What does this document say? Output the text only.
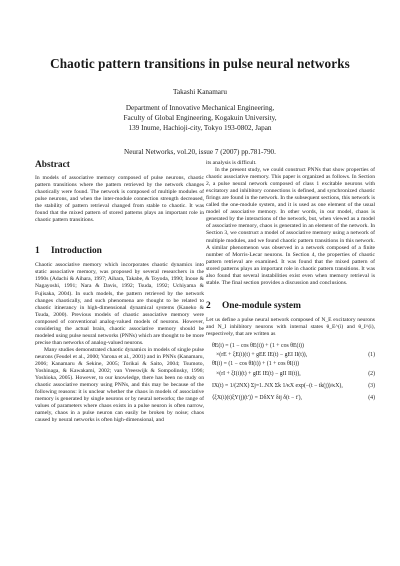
Chaotic pattern transitions in pulse neural networks
Takashi Kanamaru
Department of Innovative Mechanical Engineering,
Faculty of Global Engineering, Kogakuin University,
139 Inume, Hachioji-city, Tokyo 193-0802, Japan
Neural Networks, vol.20, issue 7 (2007) pp.781-790.
Abstract

In models of associative memory composed of pulse neurons, chaotic pattern transitions where the pattern retrieved by the network changes chaotically were found. The network is composed of multiple modules of pulse neurons, and when the inter-module connection strength decreased, the stability of pattern retrieval changed from stable to chaotic. It was found that the mixed pattern of stored patterns plays an important role in chaotic pattern transitions.

1 Introduction

Chaotic associative memory which incorporates chaotic dynamics into static associative memory, was proposed by several researchers in the 1990s (Adachi & Aihara, 1997; Aihara, Takabe, & Toyoda, 1990; Inoue & Nagayoshi, 1991; Nara & Davis, 1992; Tsuda, 1992; Uchiyama & Fujisaka, 2004). In such models, the pattern retrieved by the network changes chaotically, and such phenomena are thought to be related to chaotic itinerancy in high-dimensional dynamical systems (Kaneko & Tsuda, 2000). Previous models of chaotic associative memory were composed of conventional analog-valued models of neurons. However, considering the actual brain, chaotic associative memory should be modeled using pulse neural networks (PNNs) which are thought to be more precise than networks of analog-valued neurons.

Many studies demonstrated chaotic dynamics in models of single pulse neurons (Feudel et al., 2000; Varona et al., 2001) and in PNNs (Kanamaru, 2006; Kanamaru & Sekine, 2005; Torikai & Saito, 2004; Tsumoto, Yoshinaga, & Kawakami, 2002; van Vreeswijk & Sompolinsky, 1996; Yoshioka, 2005). However, to our knowledge, there has been no study on chaotic associative memory using PNNs, and this may be because of the following reasons: it is unclear whether the chaos in models of associative memory is generated by single neurons or by neural networks; the range of values of parameters where chaos exists in a pulse neuron is often narrow, namely, chaos in a pulse neuron can easily be broken by noise; chaos caused by neural networks is often high-dimensional, and

its analysis is difficult.

In the present study, we could construct PNNs that show properties of chaotic associative memory. This paper is organized as follows. In Section 2, a pulse neural network composed of class 1 excitable neurons with excitatory and inhibitory connections is defined, and synchronized chaotic firings are found in the network. In the subsequent sections, this network is called the one-module system, and it is used as one element of the usual model of associative memory. In other words, in our model, chaos is generated by the interactions of the network, but, when viewed as a model of associative memory, chaos is generated in an element of the network. In Section 3, we construct a model of associative memory using a network of multiple modules, and we found chaotic pattern transitions in this network. A similar phenomenon was observed in a network composed of a finite number of Morris-Lecar neurons. In Section 4, the properties of chaotic pattern retrieval are examined. It was found that the mixed pattern of stored patterns plays an important role in chaotic pattern transitions. It was also found that several instabilities exist even when memory retrieval is stable. The final section provides a discussion and conclusions.

2 One-module system

Let us define a pulse neural network composed of N_E excitatory neurons and N_I inhibitory neurons with internal states θ_E^(i) and θ_I^(i), respectively, that are written as

θ̇E(i) = (1 − cos θE(i)) + (1 + cos θE(i))
×(rE + ξE(i)(t) + gEE IE(t) − gEI II(t)),	(1)
θ̇I(i) = (1 − cos θI(i)) + (1 + cos θI(i))
×(rI + ξI(i)(t) + gIE IE(t) − gII II(t)),	(2)
IX(t) = 1/(2NX) Σj=1..NX Σk 1/κX exp(−(t − tk(j))/κX),	(3)
⟨ξX(i)(t)ξY(j)(t′)⟩ = DδXY δij δ(t − t′),	(4)
